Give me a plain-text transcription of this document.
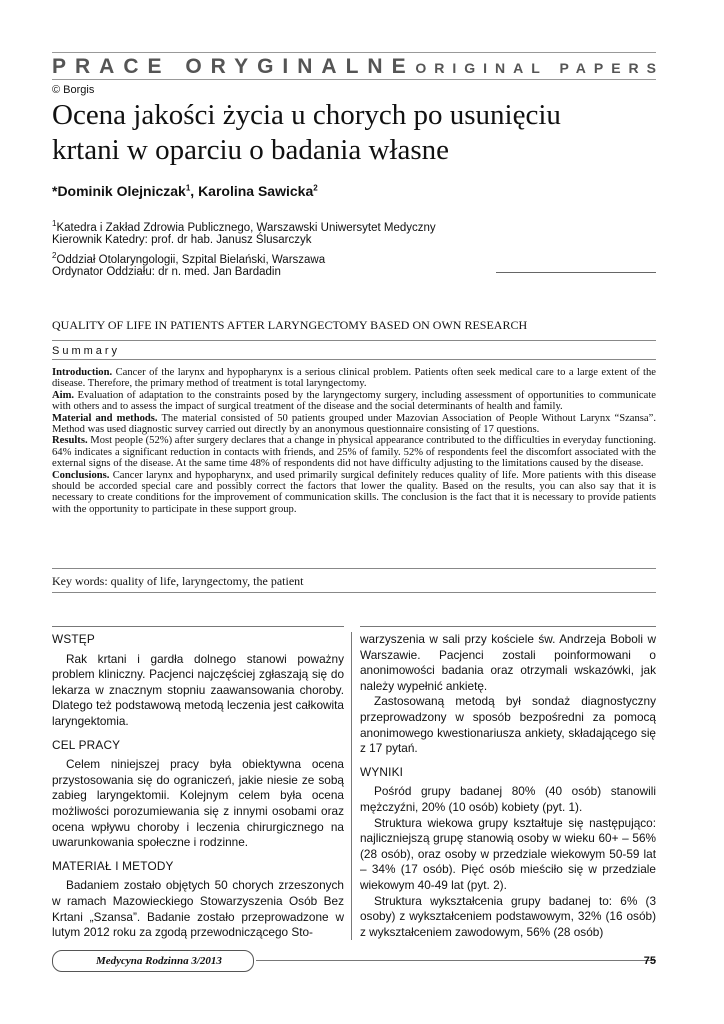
PRACE ORYGINALNE ORIGINAL PAPERS
© Borgis
Ocena jakości życia u chorych po usunięciu
krtani w oparciu o badania własne
*Dominik Olejniczak$^1$, Karolina Sawicka$^2$
$^1$Katedra i Zakład Zdrowia Publicznego, Warszawski Uniwersytet Medyczny
Kierownik Katedry: prof. dr hab. Janusz Ślusarczyk
$^2$Oddział Otolaryngologii, Szpital Bielański, Warszawa
Ordynator Oddziału: dr n. med. Jan Bardadin
QUALITY OF LIFE IN PATIENTS AFTER LARYNGECTOMY BASED ON OWN RESEARCH
Summary

Introduction. Cancer of the larynx and hypopharynx is a serious clinical problem. Patients often seek medical care to a large extent of the disease. Therefore, the primary method of treatment is total laryngectomy.

Aim. Evaluation of adaptation to the constraints posed by the laryngectomy surgery, including assessment of opportunities to communicate with others and to assess the impact of surgical treatment of the disease and the social determinants of health and family.

Material and methods. The material consisted of 50 patients grouped under Mazovian Association of People Without Larynx “Szansa”. Method was used diagnostic survey carried out directly by an anonymous questionnaire consisting of 17 questions.

Results. Most people (52%) after surgery declares that a change in physical appearance contributed to the difficulties in everyday functioning. 64% indicates a significant reduction in contacts with friends, and 25% of family. 52% of respondents feel the discomfort associated with the external signs of the disease. At the same time 48% of respondents did not have difficulty adjusting to the limitations caused by the disease.

Conclusions. Cancer larynx and hypopharynx, and used primarily surgical definitely reduces quality of life. More patients with this disease should be accorded special care and possibly correct the factors that lower the quality. Based on the results, you can also say that it is necessary to create conditions for the improvement of communication skills. The conclusion is the fact that it is necessary to provide patients with the opportunity to participate in these support group.

Key words: quality of life, laryngectomy, the patient
WSTĘP

Rak krtani i gardła dolnego stanowi poważny problem kliniczny. Pacjenci najczęściej zgłaszają się do lekarza w znacznym stopniu zaawansowania choroby. Dlatego też podstawową metodą leczenia jest całkowita laryngektomia.

CEL PRACY

Celem niniejszej pracy była obiektywna ocena przystosowania się do ograniczeń, jakie niesie ze sobą zabieg laryngektomii. Kolejnym celem była ocena możliwości porozumiewania się z innymi osobami oraz ocena wpływu choroby i leczenia chirurgicznego na uwarunkowania społeczne i rodzinne.

MATERIAŁ I METODY

Badaniem zostało objętych 50 chorych zrzeszonych w ramach Mazowieckiego Stowarzyszenia Osób Bez Krtani „Szansa”. Badanie zostało przeprowadzone w lutym 2012 roku za zgodą przewodniczącego Sto-

warzyszenia w sali przy kościele św. Andrzeja Boboli w Warszawie. Pacjenci zostali poinformowani o anonimowości badania oraz otrzymali wskazówki, jak należy wypełnić ankietę.

Zastosowaną metodą był sondaż diagnostyczny przeprowadzony w sposób bezpośredni za pomocą anonimowego kwestionariusza ankiety, składającego się z 17 pytań.

WYNIKI

Pośród grupy badanej 80% (40 osób) stanowili mężczyźni, 20% (10 osób) kobiety (pyt. 1).

Struktura wiekowa grupy kształtuje się następująco: najliczniejszą grupę stanowią osoby w wieku 60+ – 56% (28 osób), oraz osoby w przedziale wiekowym 50-59 lat – 34% (17 osób). Pięć osób mieściło się w przedziale wiekowym 40-49 lat (pyt. 2).

Struktura wykształcenia grupy badanej to: 6% (3 osoby) z wykształceniem podstawowym, 32% (16 osób) z wykształceniem zawodowym, 56% (28 osób)

Medycyna Rodzinna 3/2013	75
